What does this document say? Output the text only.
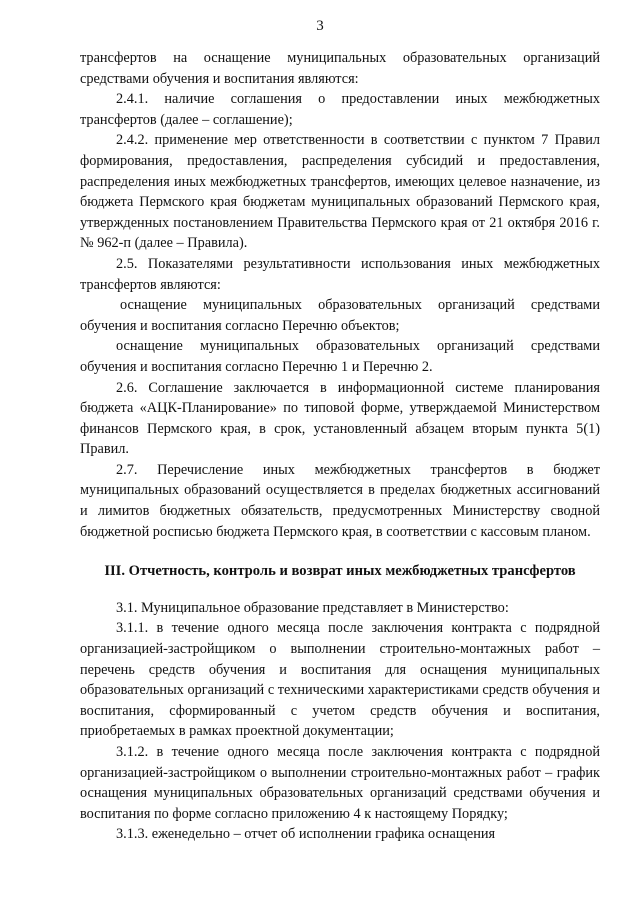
3

трансфертов на оснащение муниципальных образовательных организаций средствами обучения и воспитания являются:

2.4.1. наличие соглашения о предоставлении иных межбюджетных трансфертов (далее – соглашение);

2.4.2. применение мер ответственности в соответствии с пунктом 7 Правил формирования, предоставления, распределения субсидий и предоставления, распределения иных межбюджетных трансфертов, имеющих целевое назначение, из бюджета Пермского края бюджетам муниципальных образований Пермского края, утвержденных постановлением Правительства Пермского края от 21 октября 2016 г. № 962-п (далее – Правила).

2.5. Показателями результативности использования иных межбюджетных трансфертов являются:

оснащение муниципальных образовательных организаций средствами обучения и воспитания согласно Перечню объектов;

оснащение муниципальных образовательных организаций средствами обучения и воспитания согласно Перечню 1 и Перечню 2.

2.6. Соглашение заключается в информационной системе планирования бюджета «АЦК-Планирование» по типовой форме, утверждаемой Министерством финансов Пермского края, в срок, установленный абзацем вторым пункта 5(1) Правил.

2.7. Перечисление иных межбюджетных трансфертов в бюджет муниципальных образований осуществляется в пределах бюджетных ассигнований и лимитов бюджетных обязательств, предусмотренных Министерству сводной бюджетной росписью бюджета Пермского края, в соответствии с кассовым планом.

III. Отчетность, контроль и возврат иных межбюджетных трансфертов

3.1. Муниципальное образование представляет в Министерство:

3.1.1. в течение одного месяца после заключения контракта с подрядной организацией-застройщиком о выполнении строительно-монтажных работ – перечень средств обучения и воспитания для оснащения муниципальных образовательных организаций с техническими характеристиками средств обучения и воспитания, сформированный с учетом средств обучения и воспитания, приобретаемых в рамках проектной документации;

3.1.2. в течение одного месяца после заключения контракта с подрядной организацией-застройщиком о выполнении строительно-монтажных работ – график оснащения муниципальных образовательных организаций средствами обучения и воспитания по форме согласно приложению 4 к настоящему Порядку;

3.1.3. еженедельно – отчет об исполнении графика оснащения
